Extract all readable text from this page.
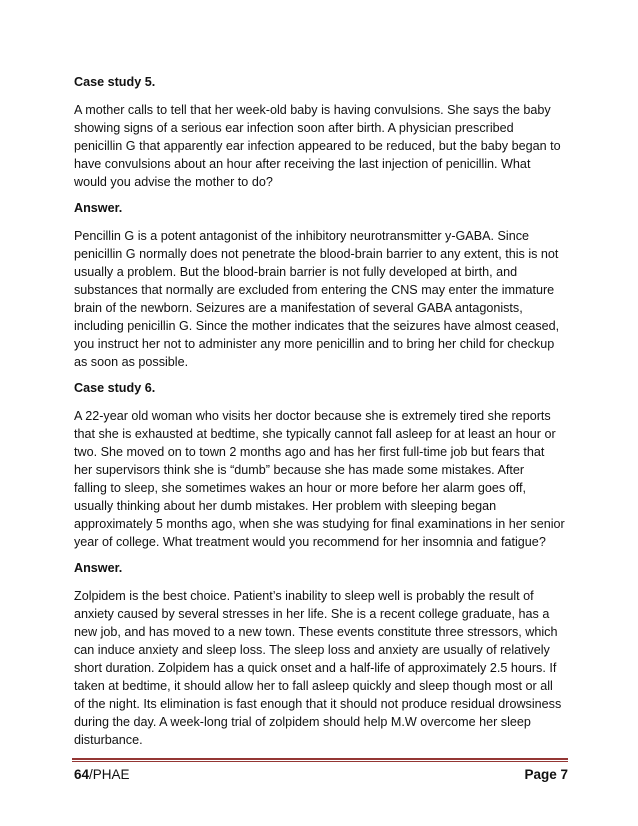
Case study 5.

A mother calls to tell that her week-old baby is having convulsions. She says the baby
showing signs of a serious ear infection soon after birth. A physician prescribed
penicillin G that apparently ear infection appeared to be reduced, but the baby began to
have convulsions about an hour after receiving the last injection of penicillin. What
would you advise the mother to do?

Answer.

Pencillin G is a potent antagonist of the inhibitory neurotransmitter y-GABA. Since
penicillin G normally does not penetrate the blood-brain barrier to any extent, this is not
usually a problem. But the blood-brain barrier is not fully developed at birth, and
substances that normally are excluded from entering the CNS may enter the immature
brain of the newborn. Seizures are a manifestation of several GABA antagonists,
including penicillin G. Since the mother indicates that the seizures have almost ceased,
you instruct her not to administer any more penicillin and to bring her child for checkup
as soon as possible.

Case study 6.

A 22-year old woman who visits her doctor because she is extremely tired she reports
that she is exhausted at bedtime, she typically cannot fall asleep for at least an hour or
two. She moved on to town 2 months ago and has her first full-time job but fears that
her supervisors think she is “dumb” because she has made some mistakes. After
falling to sleep, she sometimes wakes an hour or more before her alarm goes off,
usually thinking about her dumb mistakes. Her problem with sleeping began
approximately 5 months ago, when she was studying for final examinations in her senior
year of college. What treatment would you recommend for her insomnia and fatigue?

Answer.

Zolpidem is the best choice. Patient’s inability to sleep well is probably the result of
anxiety caused by several stresses in her life. She is a recent college graduate, has a
new job, and has moved to a new town. These events constitute three stressors, which
can induce anxiety and sleep loss. The sleep loss and anxiety are usually of relatively
short duration. Zolpidem has a quick onset and a half-life of approximately 2.5 hours. If
taken at bedtime, it should allow her to fall asleep quickly and sleep though most or all
of the night. Its elimination is fast enough that it should not produce residual drowsiness
during the day. A week-long trial of zolpidem should help M.W overcome her sleep
disturbance.

64/PHAE	Page 7
